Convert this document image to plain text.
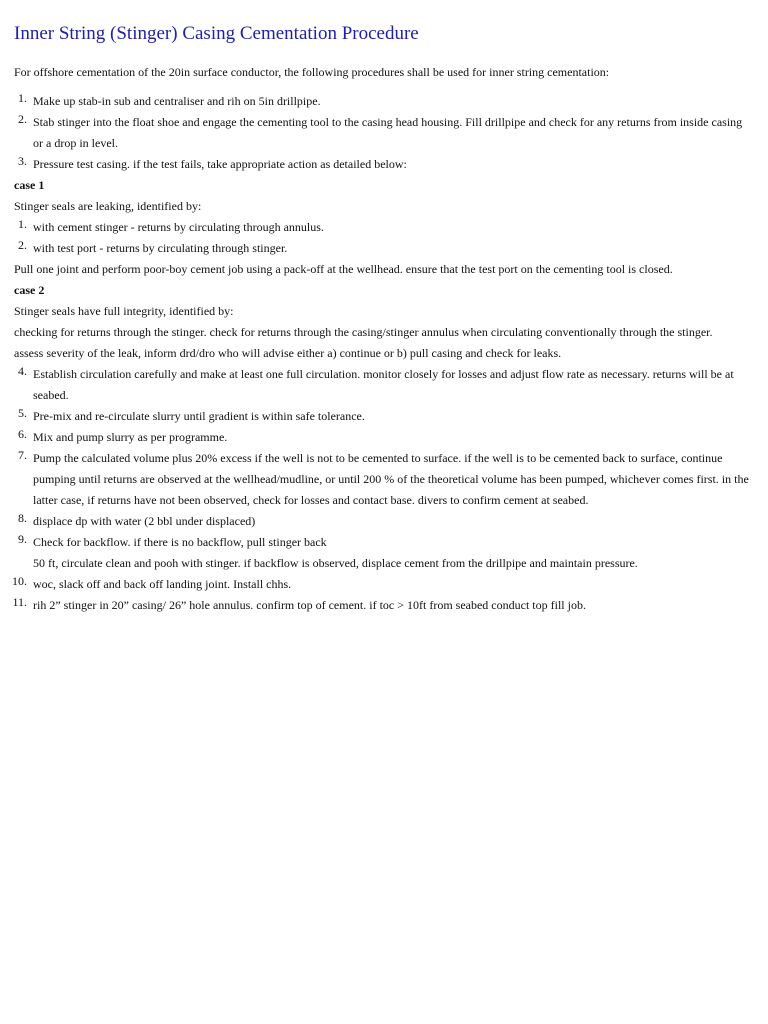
Inner String (Stinger) Casing Cementation Procedure

For offshore cementation of the 20in surface conductor, the following procedures shall be used for inner string cementation:

1. Make up stab-in sub and centraliser and rih on 5in drillpipe.
2. Stab stinger into the float shoe and engage the cementing tool to the casing head housing. Fill drillpipe and check for any returns from inside casing or a drop in level.
3. Pressure test casing. if the test fails, take appropriate action as detailed below:

case 1

Stinger seals are leaking, identified by:

1. with cement stinger - returns by circulating through annulus.
2. with test port - returns by circulating through stinger.

Pull one joint and perform poor-boy cement job using a pack-off at the wellhead. ensure that the test port on the cementing tool is closed.

case 2

Stinger seals have full integrity, identified by:

checking for returns through the stinger. check for returns through the casing/stinger annulus when circulating conventionally through the stinger.

assess severity of the leak, inform drd/dro who will advise either a) continue or b) pull casing and check for leaks.

4. Establish circulation carefully and make at least one full circulation. monitor closely for losses and adjust flow rate as necessary. returns will be at seabed.
5. Pre-mix and re-circulate slurry until gradient is within safe tolerance.
6. Mix and pump slurry as per programme.
7. Pump the calculated volume plus 20% excess if the well is not to be cemented to surface. if the well is to be cemented back to surface, continue pumping until returns are observed at the wellhead/mudline, or until 200 % of the theoretical volume has been pumped, whichever comes first. in the latter case, if returns have not been observed, check for losses and contact base. divers to confirm cement at seabed.
8. displace dp with water (2 bbl under displaced)
9. Check for backflow. if there is no backflow, pull stinger back
50 ft, circulate clean and pooh with stinger. if backflow is observed, displace cement from the drillpipe and maintain pressure.
10. woc, slack off and back off landing joint. Install chhs.
11. rih 2” stinger in 20” casing/ 26” hole annulus. confirm top of cement. if toc > 10ft from seabed conduct top fill job.
